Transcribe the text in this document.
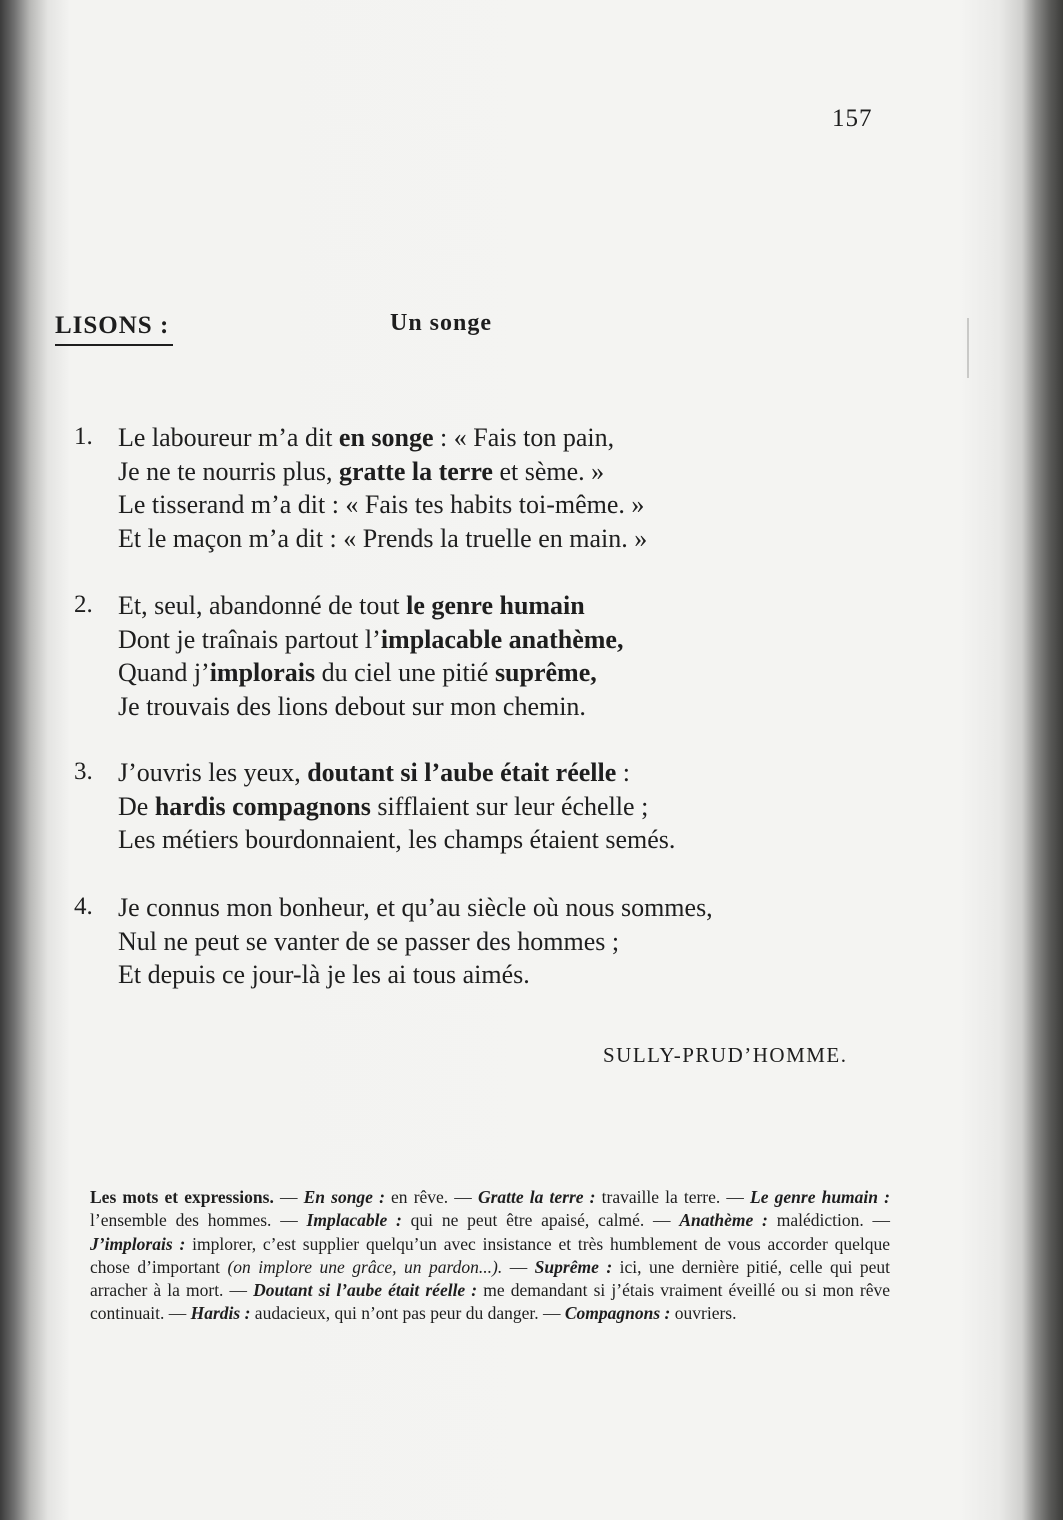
157
LISONS :	Un songe
1. Le laboureur m’a dit en songe : « Fais ton pain,
Je ne te nourris plus, gratte la terre et sème. »
Le tisserand m’a dit : « Fais tes habits toi-même. »
Et le maçon m’a dit : « Prends la truelle en main. »
2. Et, seul, abandonné de tout le genre humain
Dont je traînais partout l’implacable anathème,
Quand j’implorais du ciel une pitié suprême,
Je trouvais des lions debout sur mon chemin.
3. J’ouvris les yeux, doutant si l’aube était réelle :
De hardis compagnons sifflaient sur leur échelle ;
Les métiers bourdonnaient, les champs étaient semés.
4. Je connus mon bonheur, et qu’au siècle où nous sommes,
Nul ne peut se vanter de se passer des hommes ;
Et depuis ce jour-là je les ai tous aimés.
SULLY-PRUD’HOMME.
Les mots et expressions. — En songe : en rêve. — Gratte la terre : travaille la terre. — Le genre humain : l’ensemble des hommes. — Implacable : qui ne peut être apaisé, calmé. — Anathème : malédiction. — J’implorais : implorer, c’est supplier quelqu’un avec insistance et très humblement de vous accorder quelque chose d’important (on implore une grâce, un pardon...). — Suprême : ici, une dernière pitié, celle qui peut arracher à la mort. — Doutant si l’aube était réelle : me demandant si j’étais vraiment éveillé ou si mon rêve continuait. — Hardis : audacieux, qui n’ont pas peur du danger. — Compagnons : ouvriers.
